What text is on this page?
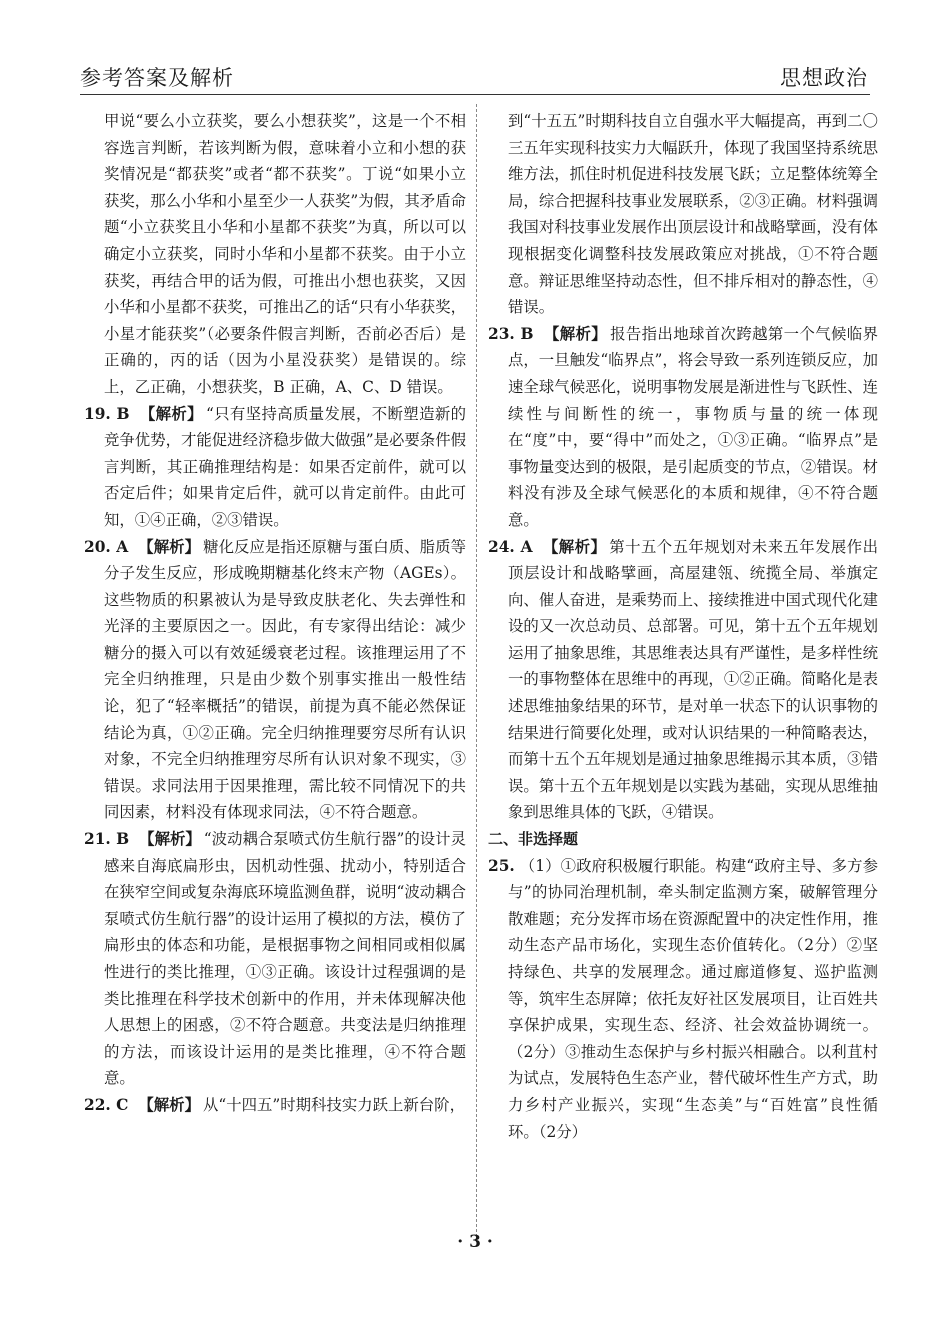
参考答案及解析	思想政治

甲说“要么小立获奖，要么小想获奖”，这是一个不相容选言判断，若该判断为假，意味着小立和小想的获奖情况是“都获奖”或者“都不获奖”。丁说“如果小立获奖，那么小华和小星至少一人获奖”为假，其矛盾命题“小立获奖且小华和小星都不获奖”为真，所以可以确定小立获奖，同时小华和小星都不获奖。由于小立获奖，再结合甲的话为假，可推出小想也获奖，又因小华和小星都不获奖，可推出乙的话“只有小华获奖，小星才能获奖”（必要条件假言判断，否前必否后）是正确的，丙的话（因为小星没获奖）是错误的。综上，乙正确，小想获奖，B 正确，A、C、D 错误。

19. B 【解析】 “只有坚持高质量发展，不断塑造新的竞争优势，才能促进经济稳步做大做强”是必要条件假言判断，其正确推理结构是：如果否定前件，就可以否定后件；如果肯定后件，就可以肯定前件。由此可知，①④正确，②③错误。

20. A 【解析】 糖化反应是指还原糖与蛋白质、脂质等分子发生反应，形成晚期糖基化终末产物（AGEs）。这些物质的积累被认为是导致皮肤老化、失去弹性和光泽的主要原因之一。因此，有专家得出结论：减少糖分的摄入可以有效延缓衰老过程。该推理运用了不完全归纳推理，只是由少数个别事实推出一般性结论，犯了“轻率概括”的错误，前提为真不能必然保证结论为真，①②正确。完全归纳推理要穷尽所有认识对象，不完全归纳推理穷尽所有认识对象不现实，③错误。求同法用于因果推理，需比较不同情况下的共同因素，材料没有体现求同法，④不符合题意。

21. B 【解析】 “波动耦合泵喷式仿生航行器”的设计灵感来自海底扁形虫，因机动性强、扰动小，特别适合在狭窄空间或复杂海底环境监测鱼群，说明“波动耦合泵喷式仿生航行器”的设计运用了模拟的方法，模仿了扁形虫的体态和功能，是根据事物之间相同或相似属性进行的类比推理，①③正确。该设计过程强调的是类比推理在科学技术创新中的作用，并未体现解决他人思想上的困惑，②不符合题意。共变法是归纳推理的方法，而该设计运用的是类比推理，④不符合题意。

22. C 【解析】 从“十四五”时期科技实力跃上新台阶，

到“十五五”时期科技自立自强水平大幅提高，再到二〇三五年实现科技实力大幅跃升，体现了我国坚持系统思维方法，抓住时机促进科技发展飞跃；立足整体统筹全局，综合把握科技事业发展联系，②③正确。材料强调我国对科技事业发展作出顶层设计和战略擘画，没有体现根据变化调整科技发展政策应对挑战，①不符合题意。辩证思维坚持动态性，但不排斥相对的静态性，④错误。

23. B 【解析】 报告指出地球首次跨越第一个气候临界点，一旦触发“临界点”，将会导致一系列连锁反应，加速全球气候恶化，说明事物发展是渐进性与飞跃性、连续性与间断性的统一，事物质与量的统一体现在“度”中，要“得中”而处之，①③正确。“临界点”是事物量变达到的极限，是引起质变的节点，②错误。材料没有涉及全球气候恶化的本质和规律，④不符合题意。

24. A 【解析】 第十五个五年规划对未来五年发展作出顶层设计和战略擘画，高屋建瓴、统揽全局、举旗定向、催人奋进，是乘势而上、接续推进中国式现代化建设的又一次总动员、总部署。可见，第十五个五年规划运用了抽象思维，其思维表达具有严谨性，是多样性统一的事物整体在思维中的再现，①②正确。简略化是表述思维抽象结果的环节，是对单一状态下的认识事物的结果进行简要化处理，或对认识结果的一种简略表达，而第十五个五年规划是通过抽象思维揭示其本质，③错误。第十五个五年规划是以实践为基础，实现从思维抽象到思维具体的飞跃，④错误。

二、非选择题

25. （1）①政府积极履行职能。构建“政府主导、多方参与”的协同治理机制，牵头制定监测方案，破解管理分散难题；充分发挥市场在资源配置中的决定性作用，推动生态产品市场化，实现生态价值转化。（2分）②坚持绿色、共享的发展理念。通过廊道修复、巡护监测等，筑牢生态屏障；依托友好社区发展项目，让百姓共享保护成果，实现生态、经济、社会效益协调统一。（2分）③推动生态保护与乡村振兴相融合。以利苴村为试点，发展特色生态产业，替代破坏性生产方式，助力乡村产业振兴，实现“生态美”与“百姓富”良性循环。（2分）

· 3 ·
